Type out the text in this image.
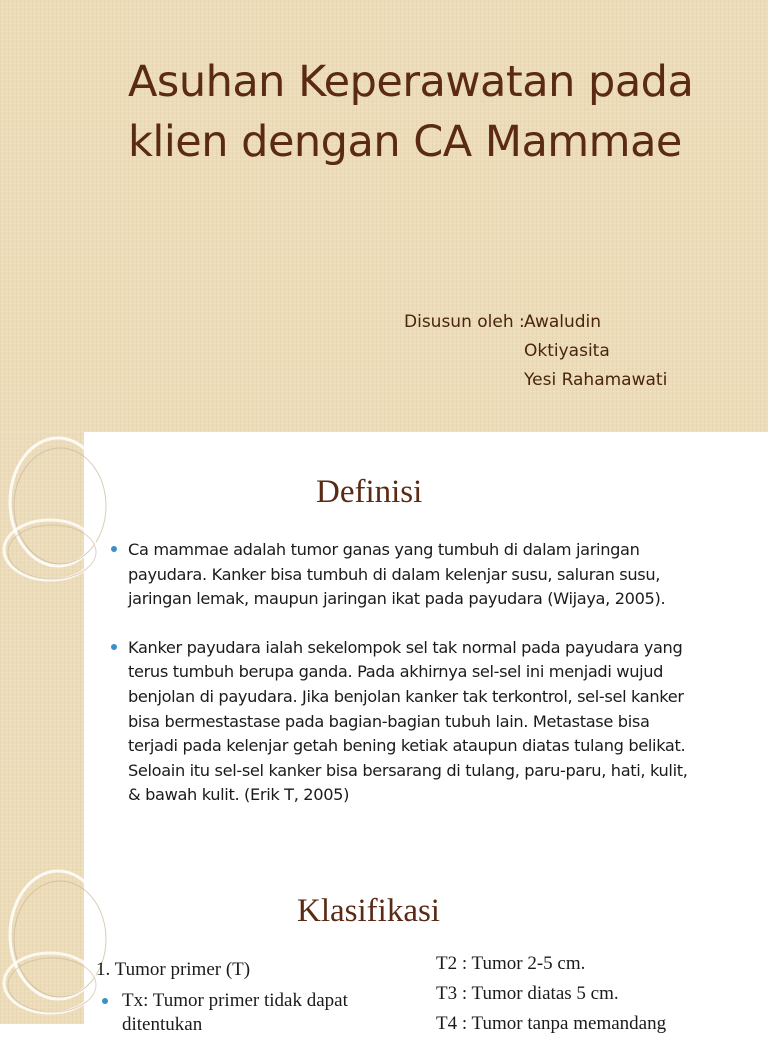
Asuhan Keperawatan pada
klien dengan CA Mammae
Disusun oleh : Awaludin
Oktiyasita
Yesi Rahamawati
Definisi
Ca mammae adalah tumor ganas yang tumbuh di dalam jaringan payudara. Kanker bisa tumbuh di dalam kelenjar susu, saluran susu, jaringan lemak, maupun jaringan ikat pada payudara (Wijaya, 2005).
Kanker payudara ialah sekelompok sel tak normal pada payudara yang terus tumbuh berupa ganda. Pada akhirnya sel-sel ini menjadi wujud benjolan di payudara. Jika benjolan kanker tak terkontrol, sel-sel kanker bisa bermestastase pada bagian-bagian tubuh lain. Metastase bisa terjadi pada kelenjar getah bening ketiak ataupun diatas tulang belikat. Seloain itu sel-sel kanker bisa bersarang di tulang, paru-paru, hati, kulit, & bawah kulit. (Erik T, 2005)
Klasifikasi
1. Tumor primer (T)
Tx: Tumor primer tidak dapat
ditentukan
T2 : Tumor 2-5 cm.
T3 : Tumor diatas 5 cm.
T4 : Tumor tanpa memandang
